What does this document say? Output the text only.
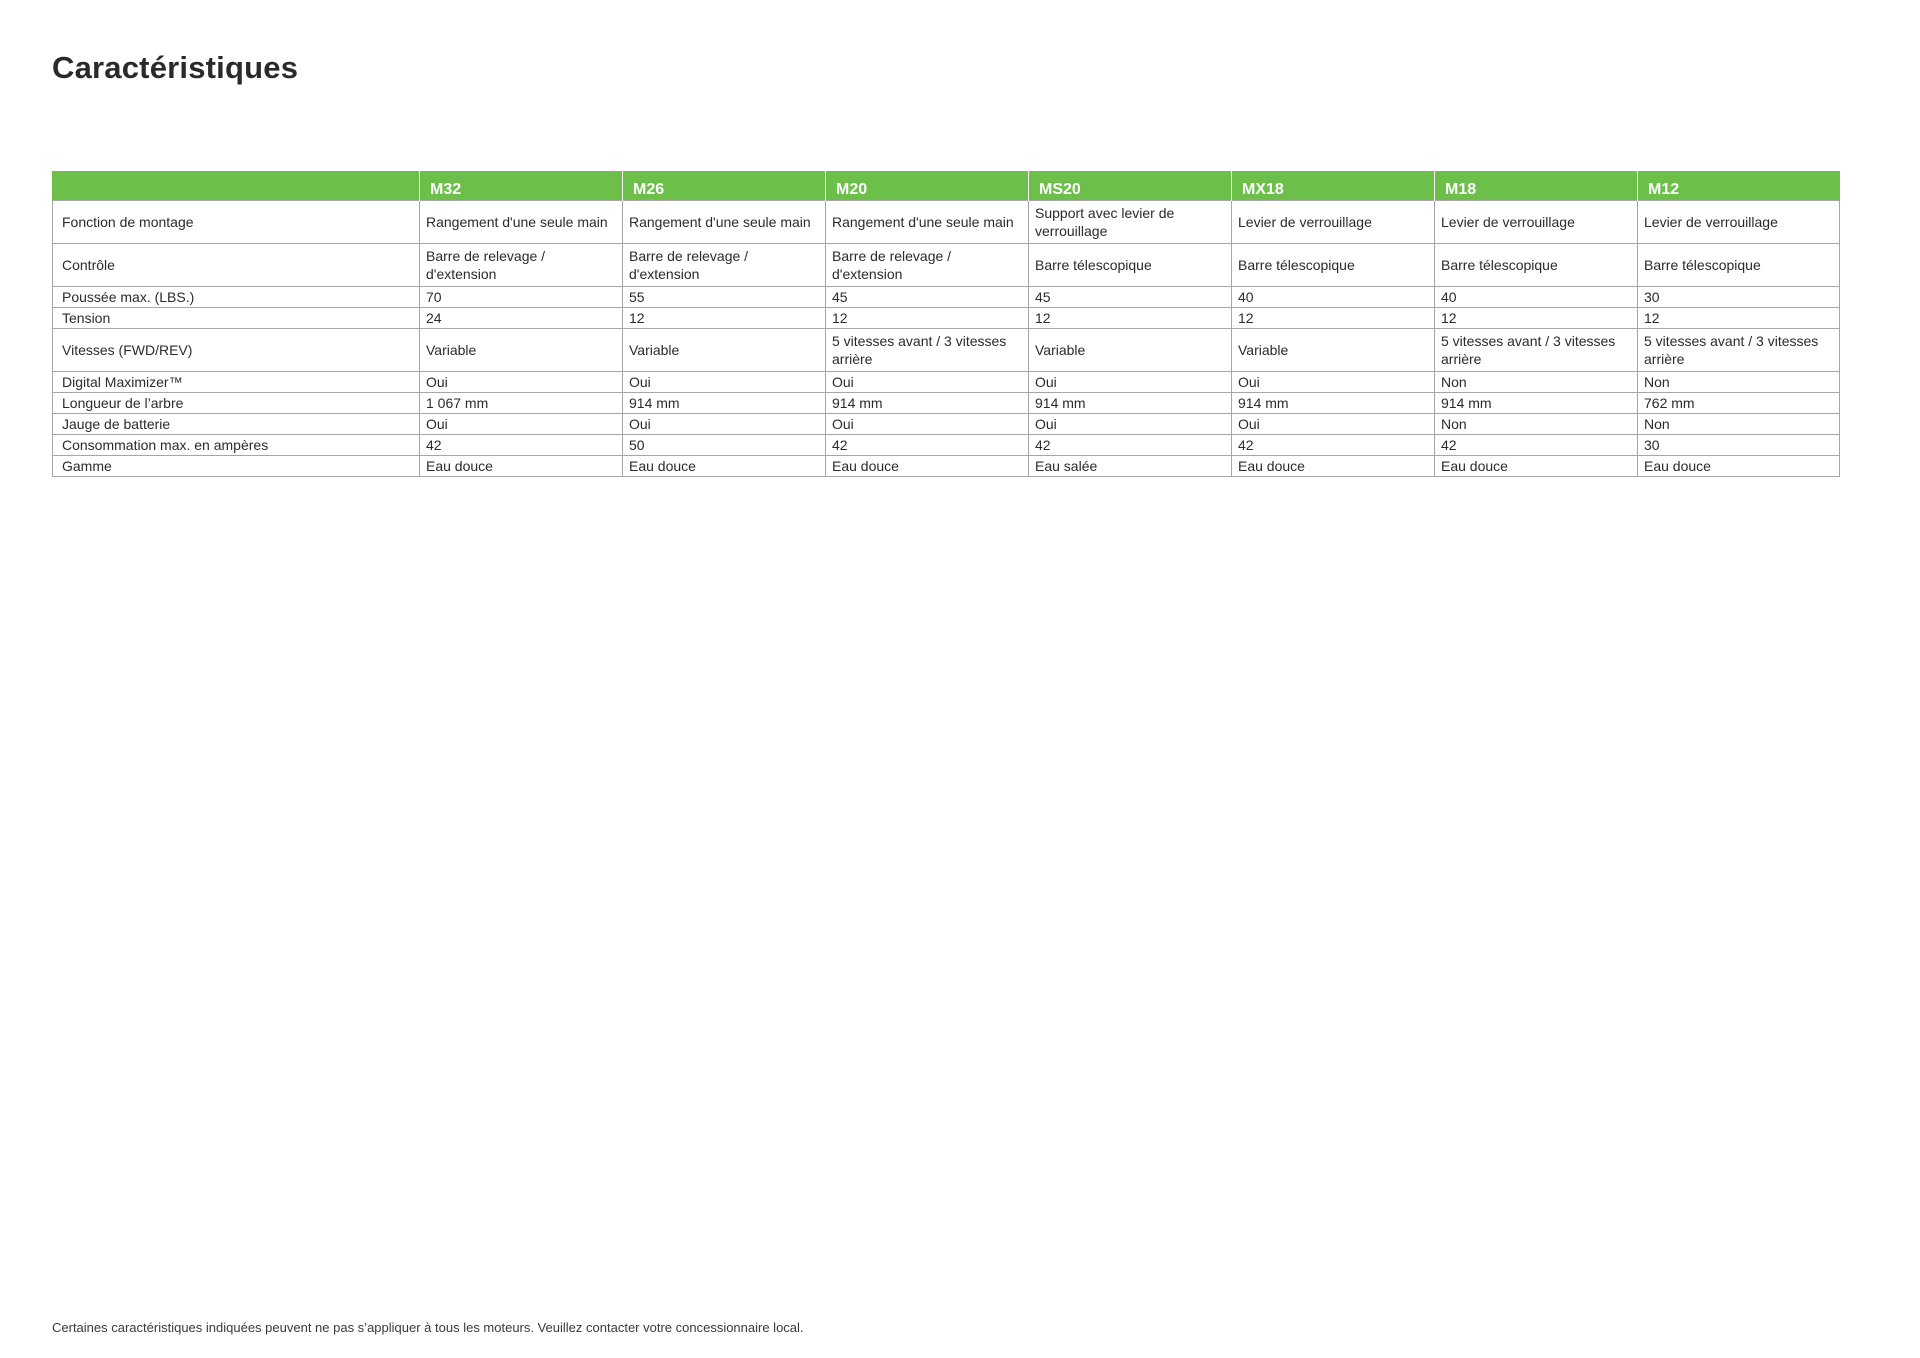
Caractéristiques
	M32	M26	M20	MS20	MX18	M18	M12
Fonction de montage	Rangement d'une seule main	Rangement d'une seule main	Rangement d'une seule main	Support avec levier de verrouillage	Levier de verrouillage	Levier de verrouillage	Levier de verrouillage
Contrôle	Barre de relevage / d'extension	Barre de relevage / d'extension	Barre de relevage / d'extension	Barre télescopique	Barre télescopique	Barre télescopique	Barre télescopique
Poussée max. (LBS.)	70	55	45	45	40	40	30
Tension	24	12	12	12	12	12	12
Vitesses (FWD/REV)	Variable	Variable	5 vitesses avant / 3 vitesses arrière	Variable	Variable	5 vitesses avant / 3 vitesses arrière	5 vitesses avant / 3 vitesses arrière
Digital Maximizer™	Oui	Oui	Oui	Oui	Oui	Non	Non
Longueur de l’arbre	1 067 mm	914 mm	914 mm	914 mm	914 mm	914 mm	762 mm
Jauge de batterie	Oui	Oui	Oui	Oui	Oui	Non	Non
Consommation max. en ampères	42	50	42	42	42	42	30
Gamme	Eau douce	Eau douce	Eau douce	Eau salée	Eau douce	Eau douce	Eau douce

Certaines caractéristiques indiquées peuvent ne pas s’appliquer à tous les moteurs. Veuillez contacter votre concessionnaire local.
